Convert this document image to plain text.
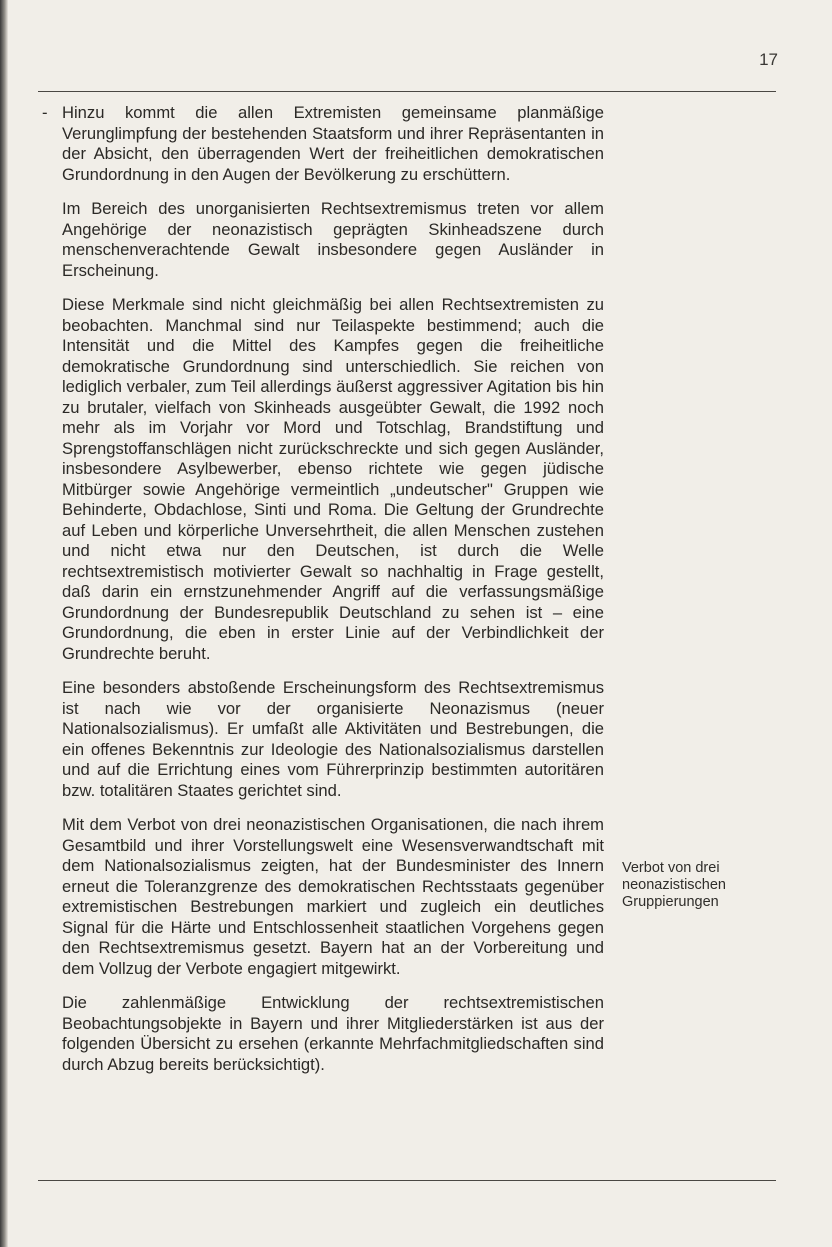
17

- Hinzu kommt die allen Extremisten gemeinsame planmäßige Verunglimpfung der bestehenden Staatsform und ihrer Repräsentanten in der Absicht, den überragenden Wert der freiheitlichen demokratischen Grundordnung in den Augen der Bevölkerung zu erschüttern.

Im Bereich des unorganisierten Rechtsextremismus treten vor allem Angehörige der neonazistisch geprägten Skinheadszene durch menschenverachtende Gewalt insbesondere gegen Ausländer in Erscheinung.

Diese Merkmale sind nicht gleichmäßig bei allen Rechtsextremisten zu beobachten. Manchmal sind nur Teilaspekte bestimmend; auch die Intensität und die Mittel des Kampfes gegen die freiheitliche demokratische Grundordnung sind unterschiedlich. Sie reichen von lediglich verbaler, zum Teil allerdings äußerst aggressiver Agitation bis hin zu brutaler, vielfach von Skinheads ausgeübter Gewalt, die 1992 noch mehr als im Vorjahr vor Mord und Totschlag, Brandstiftung und Sprengstoffanschlägen nicht zurückschreckte und sich gegen Ausländer, insbesondere Asylbewerber, ebenso richtete wie gegen jüdische Mitbürger sowie Angehörige vermeintlich „undeutscher" Gruppen wie Behinderte, Obdachlose, Sinti und Roma. Die Geltung der Grundrechte auf Leben und körperliche Unversehrtheit, die allen Menschen zustehen und nicht etwa nur den Deutschen, ist durch die Welle rechtsextremistisch motivierter Gewalt so nachhaltig in Frage gestellt, daß darin ein ernstzunehmender Angriff auf die verfassungsmäßige Grundordnung der Bundesrepublik Deutschland zu sehen ist – eine Grundordnung, die eben in erster Linie auf der Verbindlichkeit der Grundrechte beruht.

Eine besonders abstoßende Erscheinungsform des Rechtsextremismus ist nach wie vor der organisierte Neonazismus (neuer Nationalsozialismus). Er umfaßt alle Aktivitäten und Bestrebungen, die ein offenes Bekenntnis zur Ideologie des Nationalsozialismus darstellen und auf die Errichtung eines vom Führerprinzip bestimmten autoritären bzw. totalitären Staates gerichtet sind.

Mit dem Verbot von drei neonazistischen Organisationen, die nach ihrem Gesamtbild und ihrer Vorstellungswelt eine Wesensverwandtschaft mit dem Nationalsozialismus zeigten, hat der Bundesminister des Innern erneut die Toleranzgrenze des demokratischen Rechtsstaats gegenüber extremistischen Bestrebungen markiert und zugleich ein deutliches Signal für die Härte und Entschlossenheit staatlichen Vorgehens gegen den Rechtsextremismus gesetzt. Bayern hat an der Vorbereitung und dem Vollzug der Verbote engagiert mitgewirkt.

Die zahlenmäßige Entwicklung der rechtsextremistischen Beobachtungsobjekte in Bayern und ihrer Mitgliederstärken ist aus der folgenden Übersicht zu ersehen (erkannte Mehrfachmitgliedschaften sind durch Abzug bereits berücksichtigt).

Verbot von drei neonazistischen Gruppierungen
